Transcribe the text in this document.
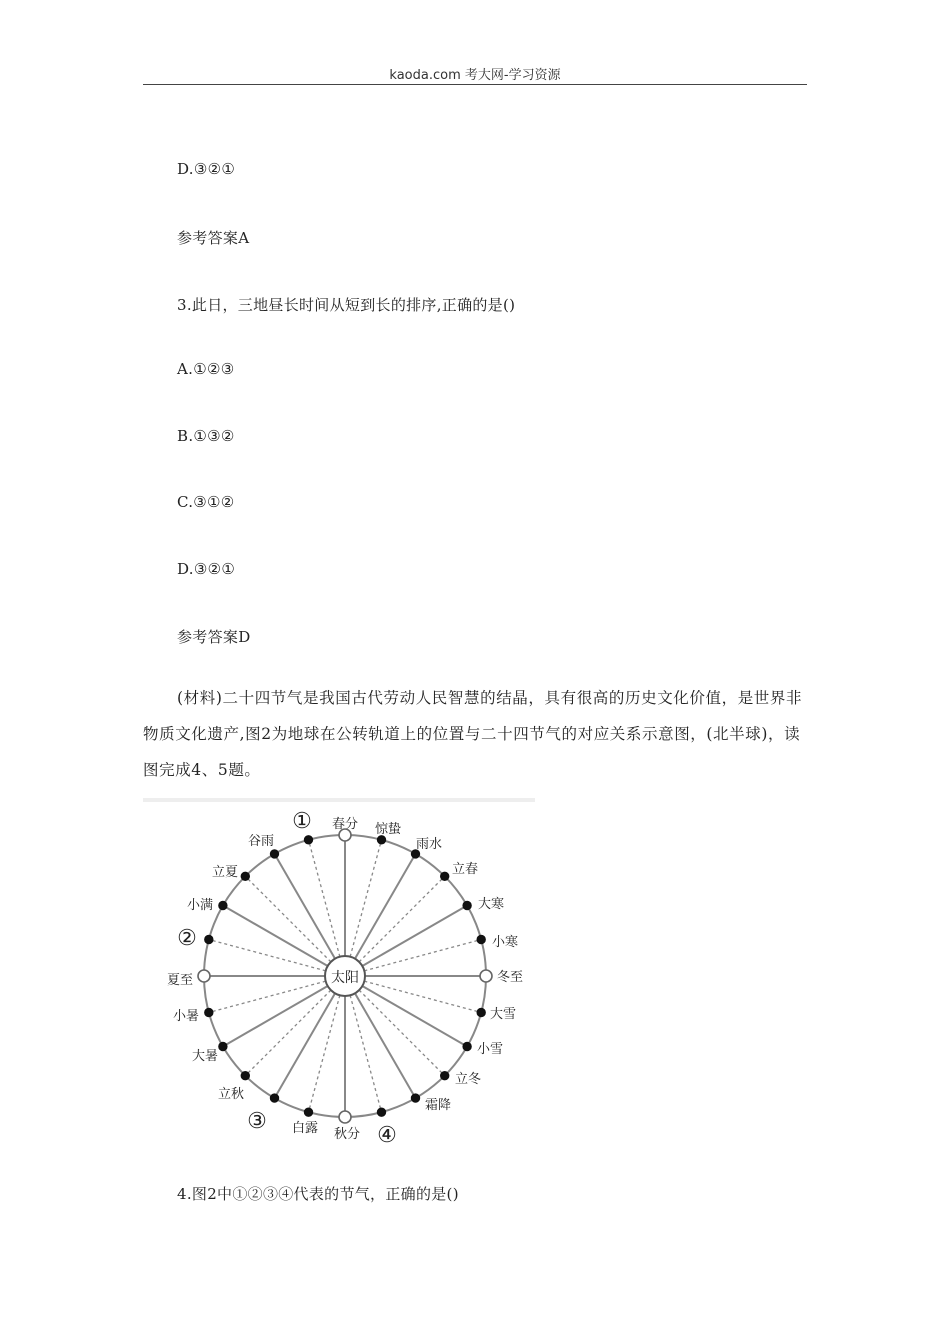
kaoda.com 考大网-学习资源
D.③②①
参考答案A
3.此日，三地昼长时间从短到长的排序,正确的是()
A.①②③
B.①③②
C.③①②
D.③②①
参考答案D

(材料)二十四节气是我国古代劳动人民智慧的结晶，具有很高的历史文化价值，是世界非物质文化遗产,图2为地球在公转轨道上的位置与二十四节气的对应关系示意图，(北半球)，读图完成4、5题。

太阳
春分 惊蛰
雨水
立春
大寒
小寒
冬至
大雪
小雪
立冬
霜降
秋分
白露
立秋
大暑
小暑
夏至
小满
立夏
谷雨
①
②
③
④
4.图2中①②③④代表的节气，正确的是()
